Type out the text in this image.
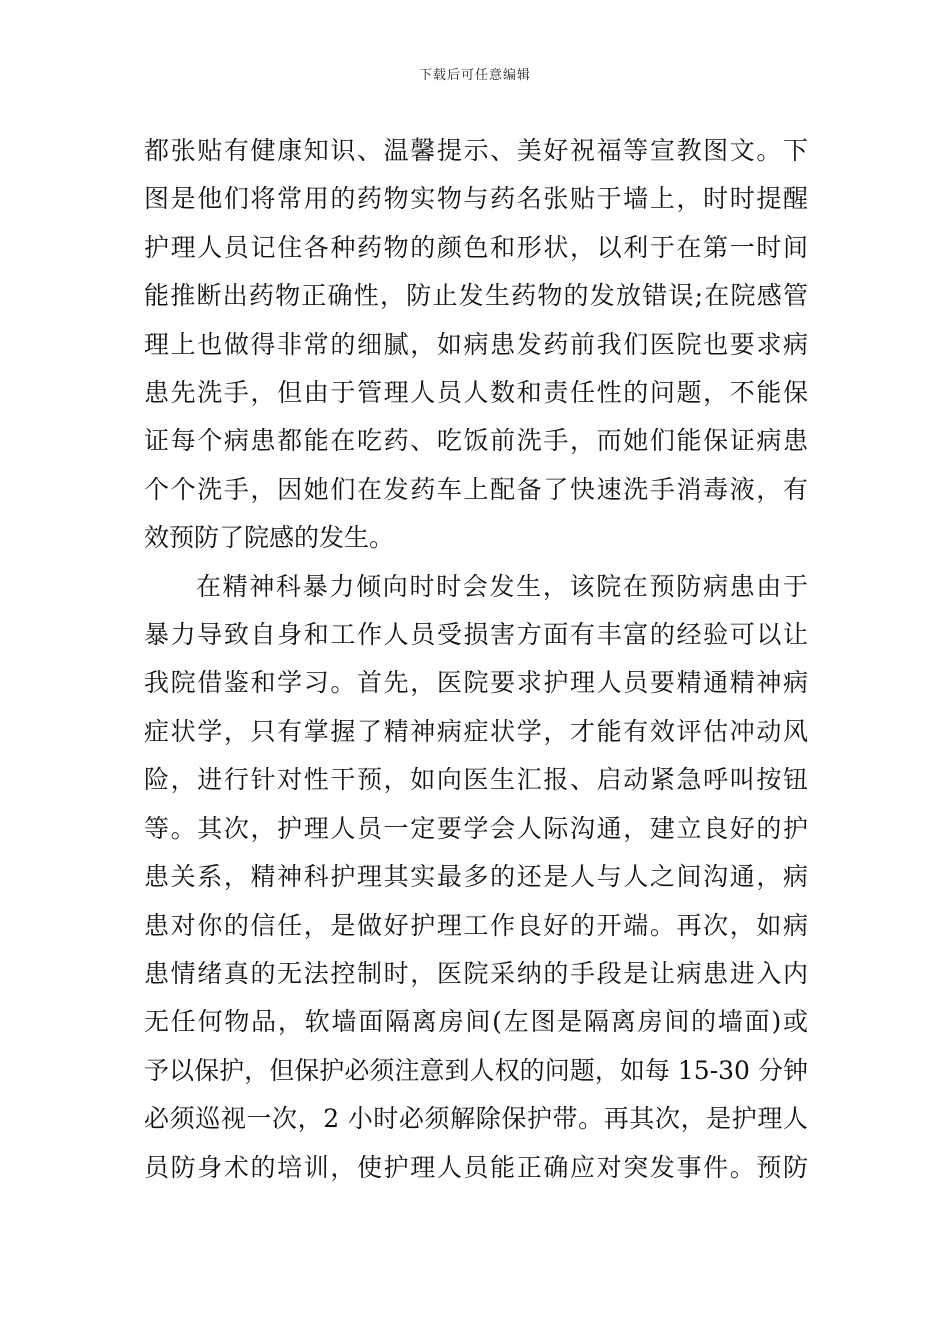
下载后可任意编辑

都张贴有健康知识、温馨提示、美好祝福等宣教图文。下
图是他们将常用的药物实物与药名张贴于墙上，时时提醒
护理人员记住各种药物的颜色和形状，以利于在第一时间
能推断出药物正确性，防止发生药物的发放错误;在院感管
理上也做得非常的细腻，如病患发药前我们医院也要求病
患先洗手，但由于管理人员人数和责任性的问题，不能保
证每个病患都能在吃药、吃饭前洗手，而她们能保证病患
个个洗手，因她们在发药车上配备了快速洗手消毒液，有
效预防了院感的发生。

在精神科暴力倾向时时会发生，该院在预防病患由于
暴力导致自身和工作人员受损害方面有丰富的经验可以让
我院借鉴和学习。首先，医院要求护理人员要精通精神病
症状学，只有掌握了精神病症状学，才能有效评估冲动风
险，进行针对性干预，如向医生汇报、启动紧急呼叫按钮
等。其次，护理人员一定要学会人际沟通，建立良好的护
患关系，精神科护理其实最多的还是人与人之间沟通，病
患对你的信任，是做好护理工作良好的开端。再次，如病
患情绪真的无法控制时，医院采纳的手段是让病患进入内
无任何物品，软墙面隔离房间(左图是隔离房间的墙面)或
予以保护，但保护必须注意到人权的问题，如每 15-30 分钟
必须巡视一次，2 小时必须解除保护带。再其次，是护理人
员防身术的培训，使护理人员能正确应对突发事件。预防
